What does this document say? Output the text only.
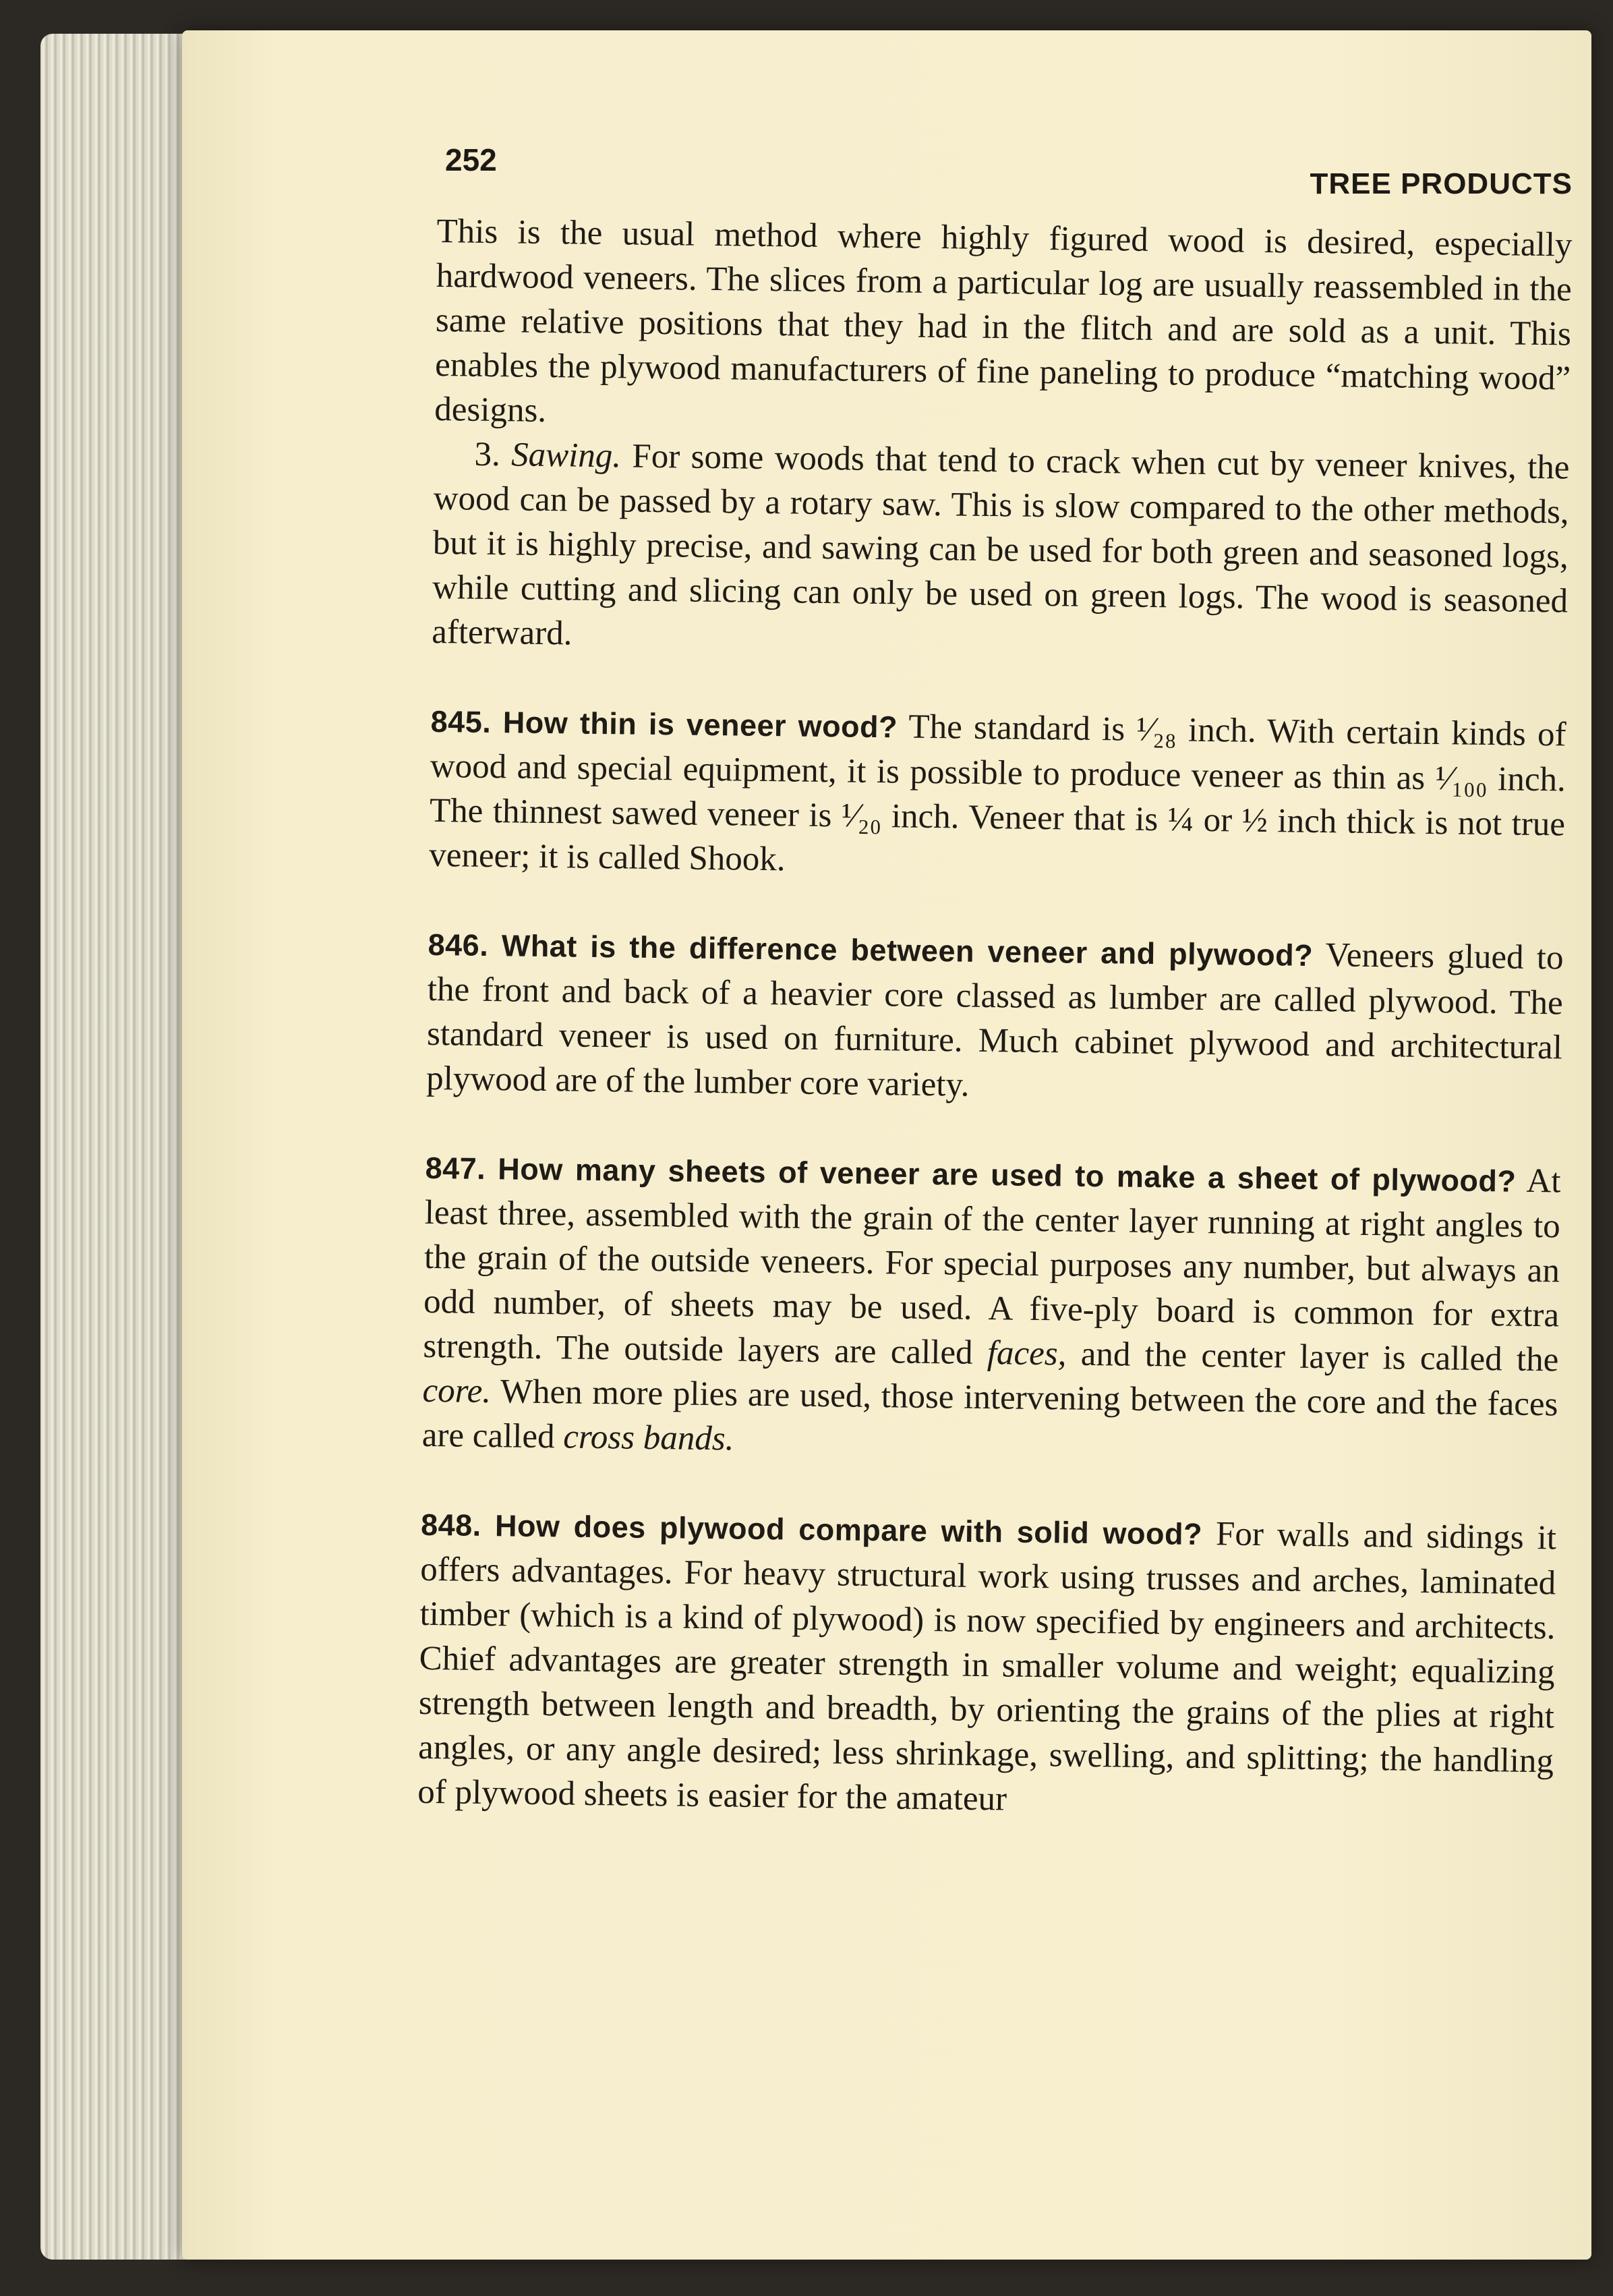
252
TREE PRODUCTS

This is the usual method where highly figured wood is desired, especially hardwood veneers. The slices from a particular log are usually reassembled in the same relative positions that they had in the flitch and are sold as a unit. This enables the plywood manufacturers of fine paneling to produce “matching wood” designs.

3. Sawing. For some woods that tend to crack when cut by veneer knives, the wood can be passed by a rotary saw. This is slow compared to the other methods, but it is highly precise, and sawing can be used for both green and seasoned logs, while cutting and slicing can only be used on green logs. The wood is seasoned afterward.

845. How thin is veneer wood? The standard is ¹⁄₂₈ inch. With certain kinds of wood and special equipment, it is possible to produce veneer as thin as ¹⁄₁₀₀ inch. The thinnest sawed veneer is ¹⁄₂₀ inch. Veneer that is ¼ or ½ inch thick is not true veneer; it is called Shook.

846. What is the difference between veneer and plywood? Veneers glued to the front and back of a heavier core classed as lumber are called plywood. The standard veneer is used on furniture. Much cabinet plywood and architectural plywood are of the lumber core variety.

847. How many sheets of veneer are used to make a sheet of plywood? At least three, assembled with the grain of the center layer running at right angles to the grain of the outside veneers. For special purposes any number, but always an odd number, of sheets may be used. A five-ply board is common for extra strength. The outside layers are called faces, and the center layer is called the core. When more plies are used, those intervening between the core and the faces are called cross bands.

848. How does plywood compare with solid wood? For walls and sidings it offers advantages. For heavy structural work using trusses and arches, laminated timber (which is a kind of plywood) is now specified by engineers and architects. Chief advantages are greater strength in smaller volume and weight; equalizing strength between length and breadth, by orienting the grains of the plies at right angles, or any angle desired; less shrinkage, swelling, and splitting; the handling of plywood sheets is easier for the amateur
